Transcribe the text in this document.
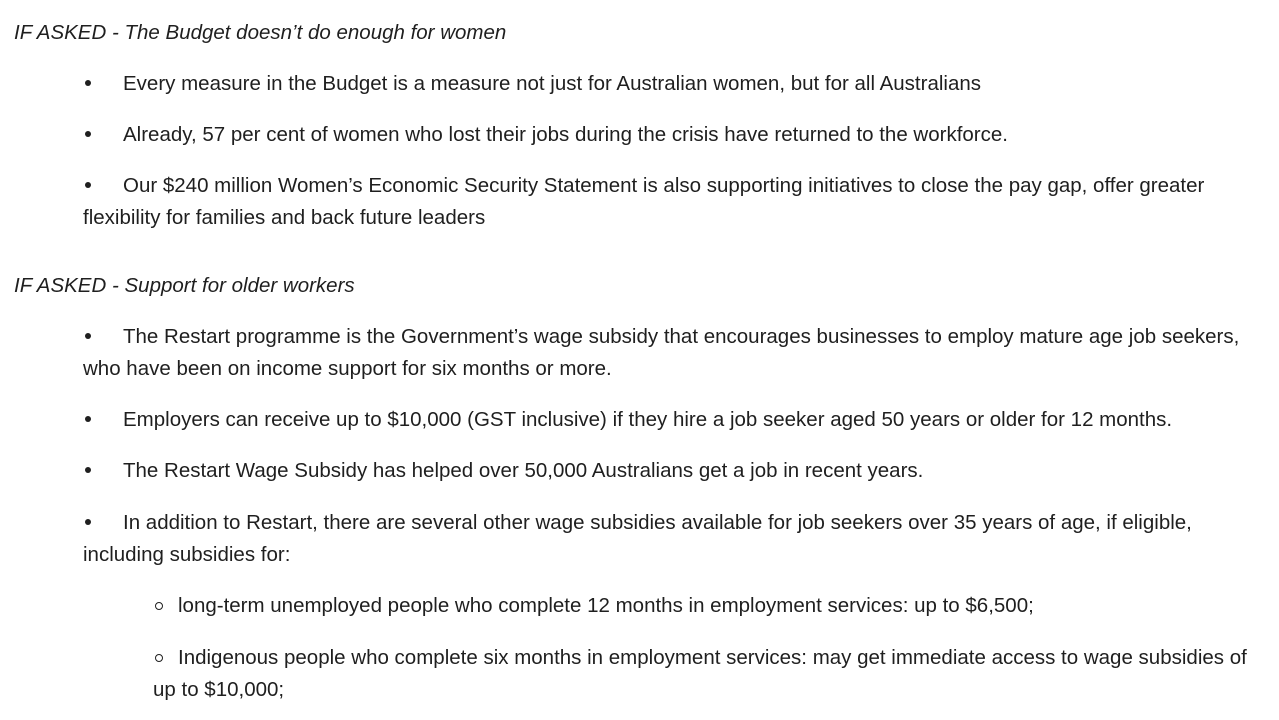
IF ASKED - The Budget doesn’t do enough for women

Every measure in the Budget is a measure not just for Australian women, but for all Australians

Already, 57 per cent of women who lost their jobs during the crisis have returned to the workforce.

Our $240 million Women’s Economic Security Statement is also supporting initiatives to close the pay gap, offer greater flexibility for families and back future leaders

IF ASKED - Support for older workers

The Restart programme is the Government’s wage subsidy that encourages businesses to employ mature age job seekers, who have been on income support for six months or more.

Employers can receive up to $10,000 (GST inclusive) if they hire a job seeker aged 50 years or older for 12 months.

The Restart Wage Subsidy has helped over 50,000 Australians get a job in recent years.

In addition to Restart, there are several other wage subsidies available for job seekers over 35 years of age, if eligible, including subsidies for:

long-term unemployed people who complete 12 months in employment services: up to $6,500;

Indigenous people who complete six months in employment services: may get immediate access to wage subsidies of up to $10,000;
